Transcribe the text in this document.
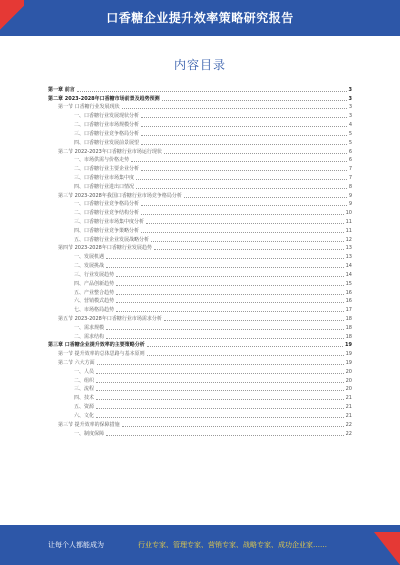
口香糖企业提升效率策略研究报告
内容目录
第一章 前言	3
第二章 2023-2028年口香糖市场前景及趋势预测	3
第一节 口香糖行业发展现状	3
一、口香糖行业发展现状分析	3
二、口香糖行业市场规模分析	4
三、口香糖行业竞争格局分析	5
四、口香糖行业发展前景展望	5
第二节 2022-2023年口香糖行业市场运行现状	6
一、市场供需与价格走势	6
二、口香糖行业主要企业分析	7
三、口香糖行业市场集中度	7
四、口香糖行业进出口情况	8
第三节 2023-2028年我国口香糖行业市场竞争格局分析	9
一、口香糖行业竞争格局分析	9
二、口香糖行业竞争结构分析	10
三、口香糖行业市场集中度分析	11
四、口香糖行业竞争策略分析	11
五、口香糖行业企业发展战略分析	12
第四节 2023-2028年口香糖行业发展趋势	13
一、发展机遇	13
二、发展挑战	14
三、行业发展趋势	14
四、产品创新趋势	15
五、产业整合趋势	16
六、营销模式趋势	16
七、市场格局趋势	17
第五节 2023-2028年口香糖行业市场需求分析	18
一、需求规模	18
二、需求结构	18
第三章 口香糖企业提升效率的主要策略分析	19
第一节 提升效率的总体思路与基本原则	19
第二节 六大方面	19
一、人员	20
二、组织	20
三、流程	20
四、技术	21
五、资源	21
六、文化	21
第三节 提升效率的保障措施	22
一、制度保障	22
让每个人都能成为	行业专家、管理专家、营销专家、战略专家、成功企业家……
